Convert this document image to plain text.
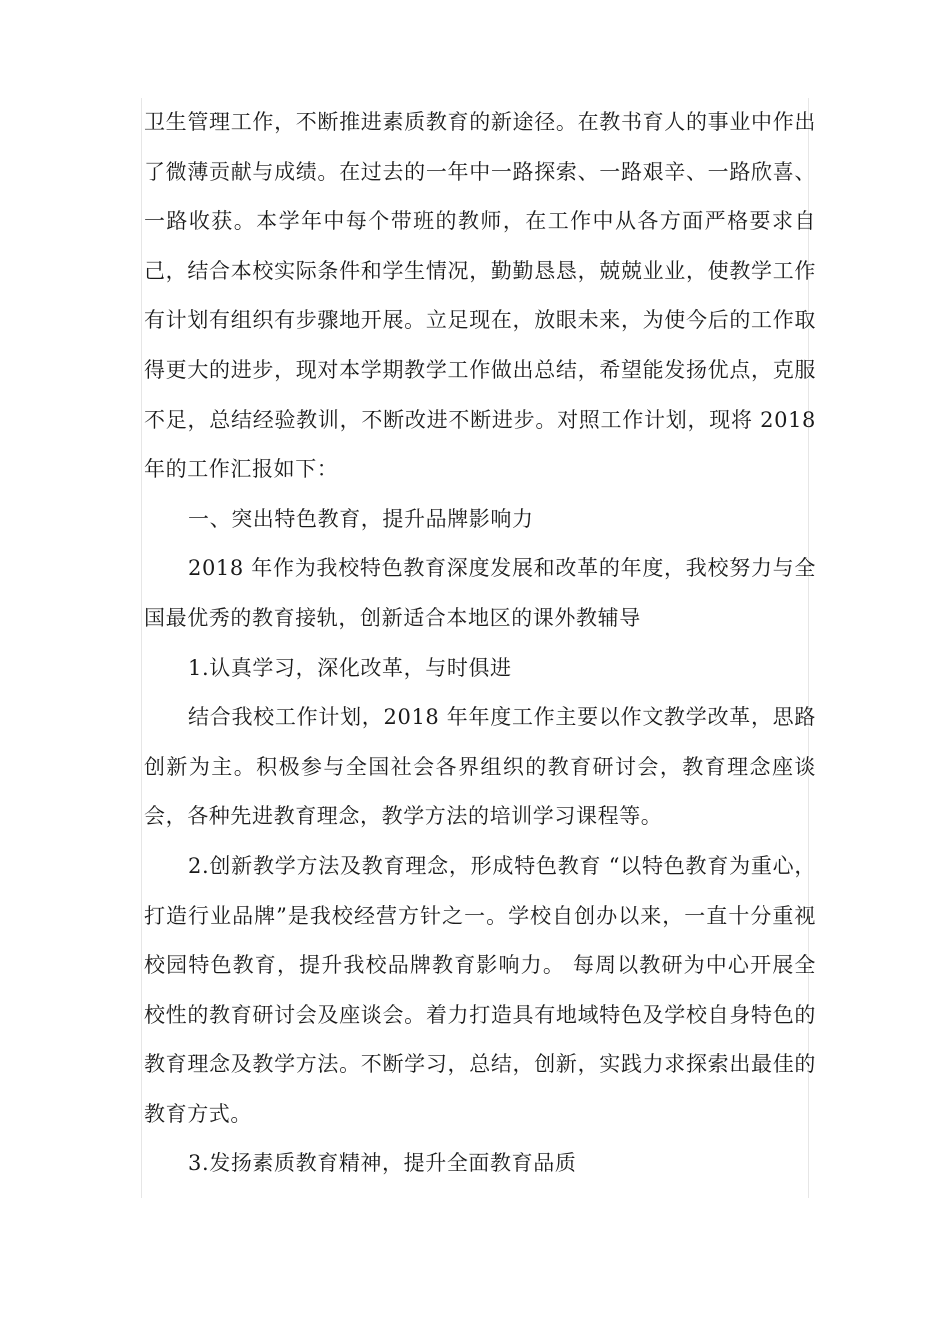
卫生管理工作，不断推进素质教育的新途径。在教书育人的事业中作出了微薄贡献与成绩。在过去的一年中一路探索、一路艰辛、一路欣喜、一路收获。本学年中每个带班的教师，在工作中从各方面严格要求自己，结合本校实际条件和学生情况，勤勤恳恳，兢兢业业，使教学工作有计划有组织有步骤地开展。立足现在，放眼未来，为使今后的工作取得更大的进步，现对本学期教学工作做出总结，希望能发扬优点，克服不足，总结经验教训，不断改进不断进步。对照工作计划，现将 2018 年的工作汇报如下：

一、突出特色教育，提升品牌影响力

2018 年作为我校特色教育深度发展和改革的年度，我校努力与全国最优秀的教育接轨，创新适合本地区的课外教辅导

1.认真学习，深化改革，与时俱进

结合我校工作计划，2018 年年度工作主要以作文教学改革，思路创新为主。积极参与全国社会各界组织的教育研讨会，教育理念座谈会，各种先进教育理念，教学方法的培训学习课程等。

2.创新教学方法及教育理念，形成特色教育 “以特色教育为重心，打造行业品牌”是我校经营方针之一。学校自创办以来，一直十分重视校园特色教育，提升我校品牌教育影响力。 每周以教研为中心开展全校性的教育研讨会及座谈会。着力打造具有地域特色及学校自身特色的教育理念及教学方法。不断学习，总结，创新，实践力求探索出最佳的教育方式。

3.发扬素质教育精神，提升全面教育品质
